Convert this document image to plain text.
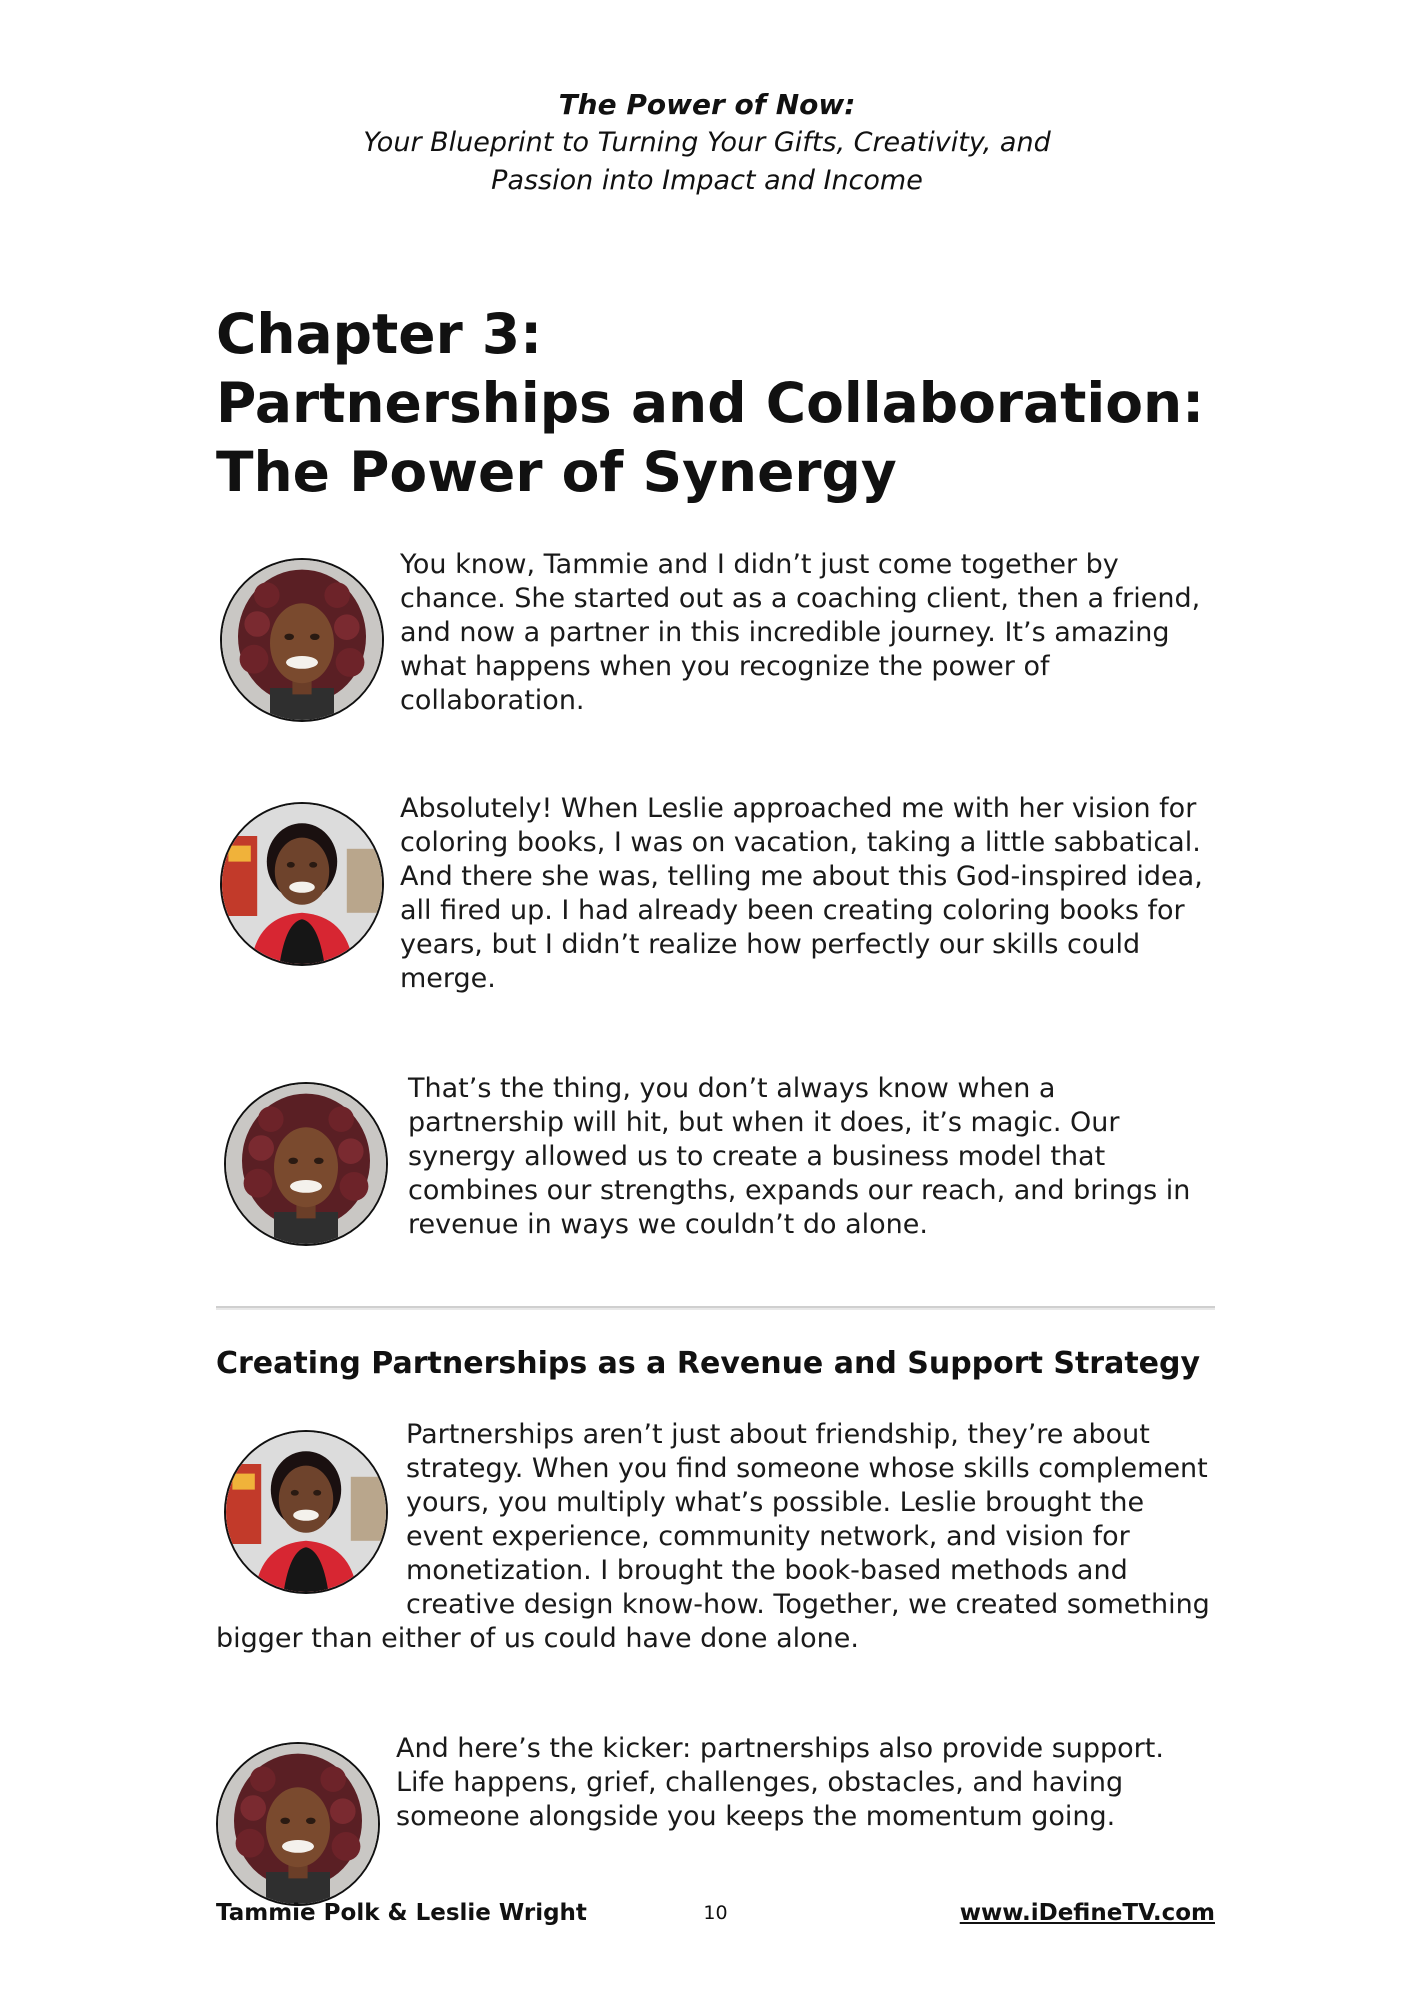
The Power of Now:
Your Blueprint to Turning Your Gifts, Creativity, and
Passion into Impact and Income
Chapter 3:
Partnerships and Collaboration:
The Power of Synergy

You know, Tammie and I didn’t just come together by chance. She started out as a coaching client, then a friend, and now a partner in this incredible journey. It’s amazing what happens when you recognize the power of collaboration.

Absolutely! When Leslie approached me with her vision for coloring books, I was on vacation, taking a little sabbatical. And there she was, telling me about this God-inspired idea, all fired up. I had already been creating coloring books for years, but I didn’t realize how perfectly our skills could merge.

That’s the thing, you don’t always know when a partnership will hit, but when it does, it’s magic. Our synergy allowed us to create a business model that combines our strengths, expands our reach, and brings in revenue in ways we couldn’t do alone.

Creating Partnerships as a Revenue and Support Strategy

Partnerships aren’t just about friendship, they’re about strategy. When you find someone whose skills complement yours, you multiply what’s possible. Leslie brought the event experience, community network, and vision for monetization. I brought the book-based methods and creative design know-how. Together, we created something bigger than either of us could have done alone.

And here’s the kicker: partnerships also provide support. Life happens, grief, challenges, obstacles, and having someone alongside you keeps the momentum going.

Tammie Polk & Leslie Wright	10	www.iDefineTV.com
